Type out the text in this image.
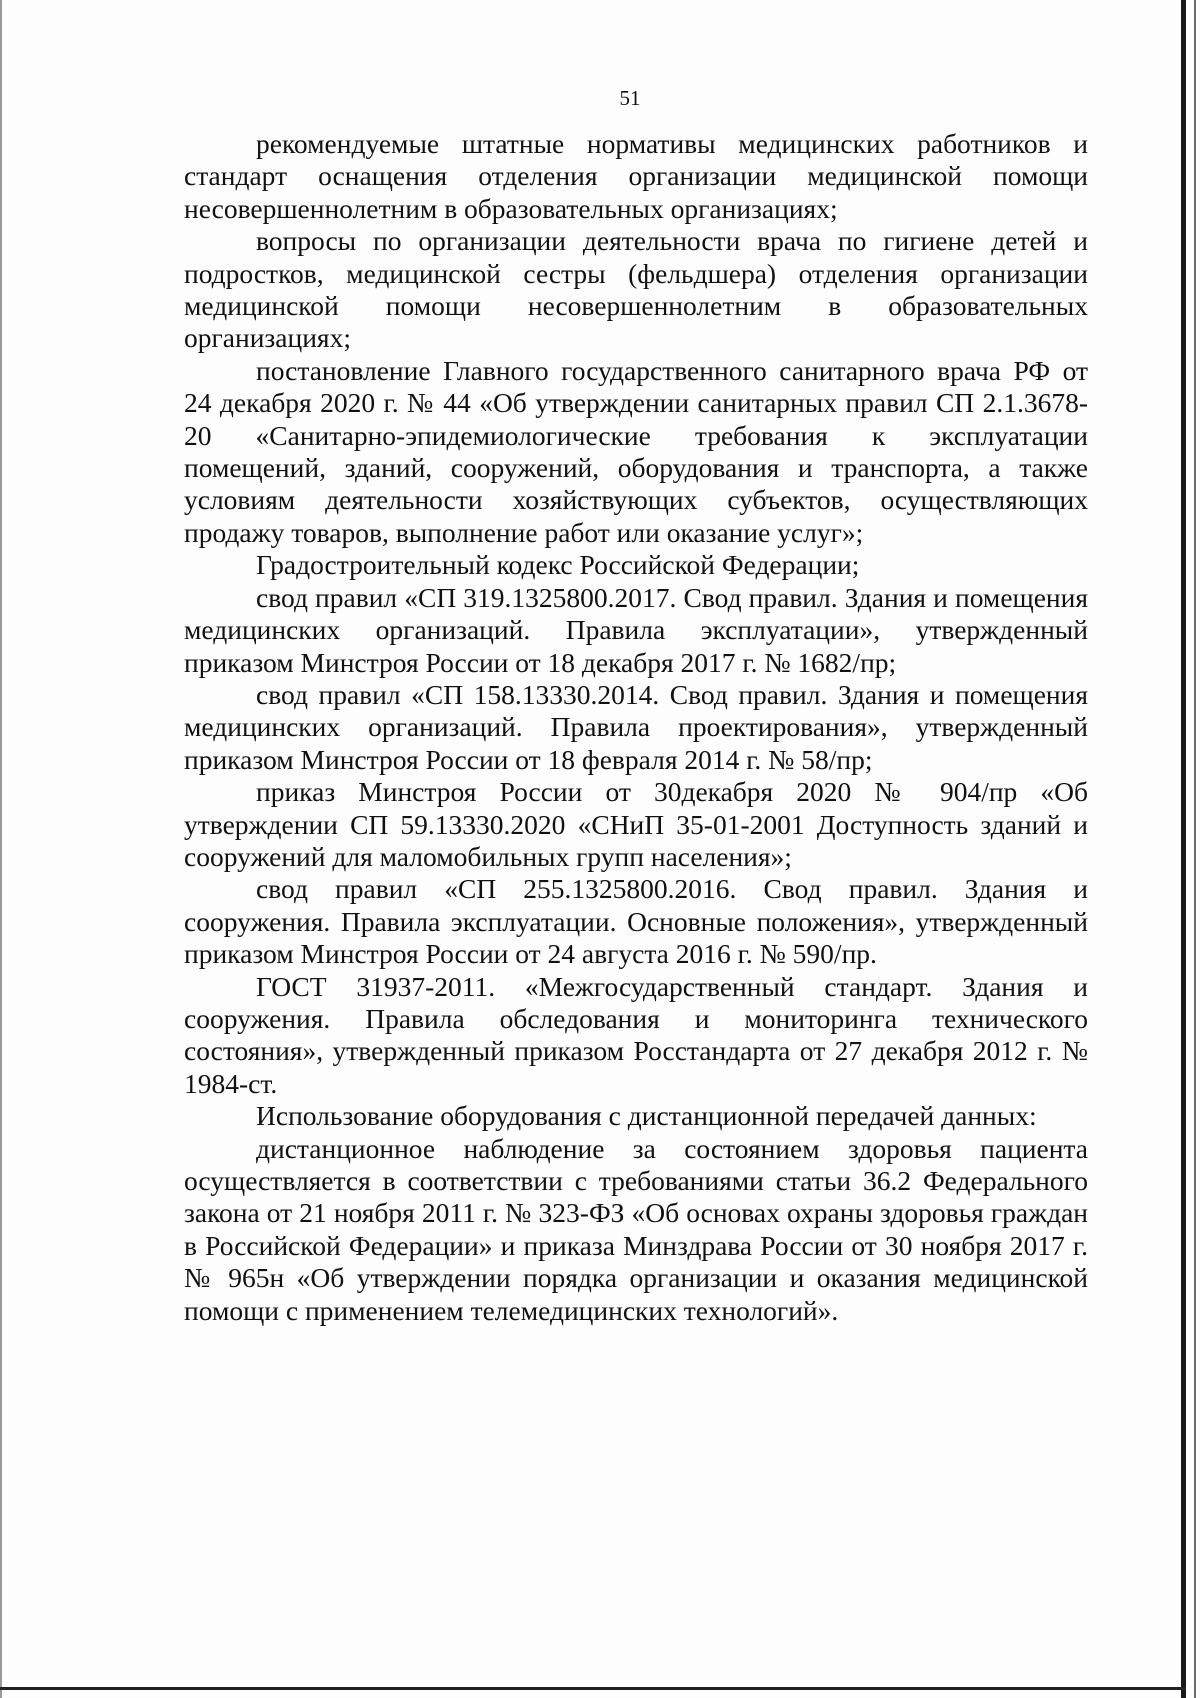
51

рекомендуемые штатные нормативы медицинских работников и стандарт оснащения отделения организации медицинской помощи несовершеннолетним в образовательных организациях;

вопросы по организации деятельности врача по гигиене детей и подростков, медицинской сестры (фельдшера) отделения организации медицинской помощи несовершеннолетним в образовательных организациях;

постановление Главного государственного санитарного врача РФ от 24 декабря 2020 г. № 44 «Об утверждении санитарных правил СП 2.1.3678-20 «Санитарно-эпидемиологические требования к эксплуатации помещений, зданий, сооружений, оборудования и транспорта, а также условиям деятельности хозяйствующих субъектов, осуществляющих продажу товаров, выполнение работ или оказание услуг»;

Градостроительный кодекс Российской Федерации;

свод правил «СП 319.1325800.2017. Свод правил. Здания и помещения медицинских организаций. Правила эксплуатации», утвержденный приказом Минстроя России от 18 декабря 2017 г. № 1682/пр;

свод правил «СП 158.13330.2014. Свод правил. Здания и помещения медицинских организаций. Правила проектирования», утвержденный приказом Минстроя России от 18 февраля 2014 г. № 58/пр;

приказ Минстроя России от 30декабря 2020 № 904/пр «Об утверждении СП 59.13330.2020 «СНиП 35-01-2001 Доступность зданий и сооружений для маломобильных групп населения»;

свод правил «СП 255.1325800.2016. Свод правил. Здания и сооружения. Правила эксплуатации. Основные положения», утвержденный приказом Минстроя России от 24 августа 2016 г. № 590/пр.

ГОСТ 31937-2011. «Межгосударственный стандарт. Здания и сооружения. Правила обследования и мониторинга технического состояния», утвержденный приказом Росстандарта от 27 декабря 2012 г. № 1984-ст.

Использование оборудования с дистанционной передачей данных:

дистанционное наблюдение за состоянием здоровья пациента осуществляется в соответствии с требованиями статьи 36.2 Федерального закона от 21 ноября 2011 г. № 323-ФЗ «Об основах охраны здоровья граждан в Российской Федерации» и приказа Минздрава России от 30 ноября 2017 г. № 965н «Об утверждении порядка организации и оказания медицинской помощи с применением телемедицинских технологий».
